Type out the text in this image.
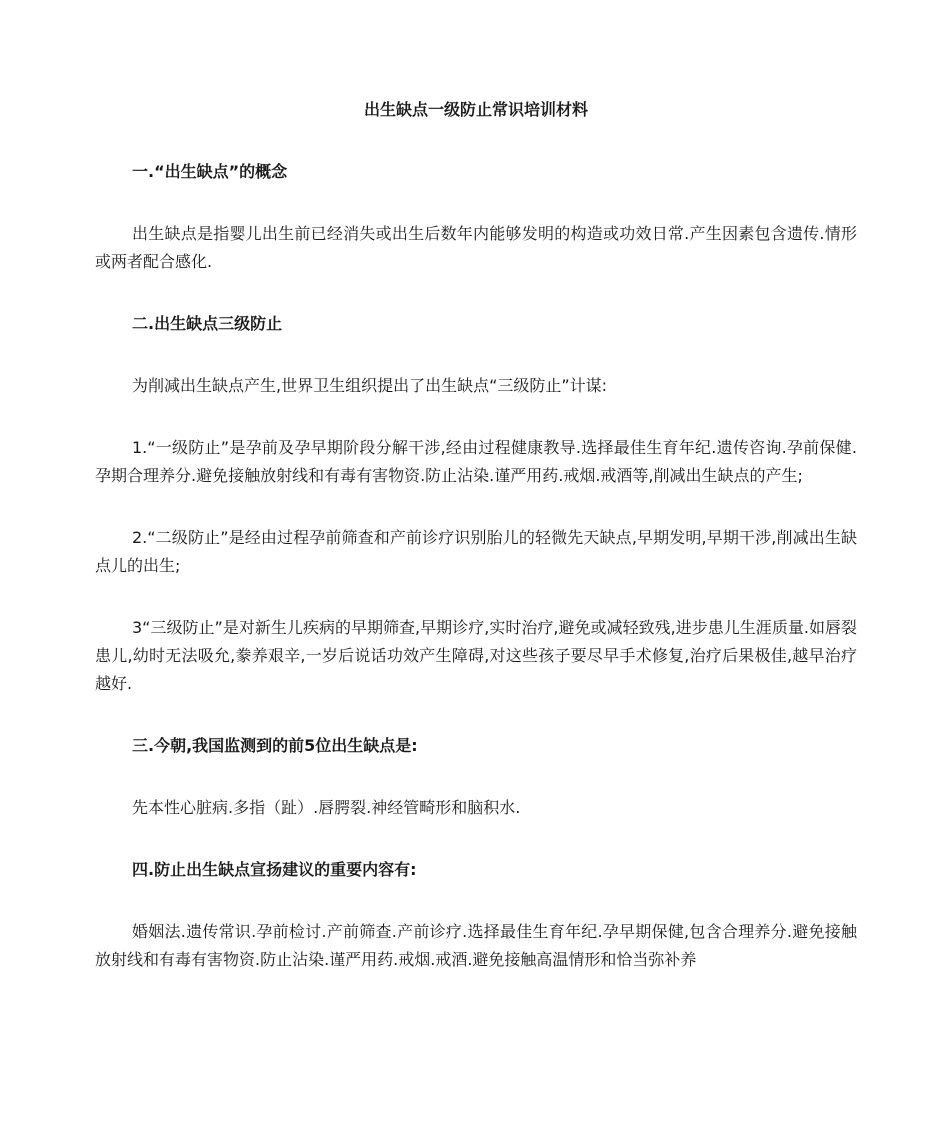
出生缺点一级防止常识培训材料
一.“出生缺点”的概念

出生缺点是指婴儿出生前已经消失或出生后数年内能够发明的构造或功效日常.产生因素包含遗传.情形或两者配合感化.

二.出生缺点三级防止

为削减出生缺点产生,世界卫生组织提出了出生缺点“三级防止”计谋:

1.“一级防止”是孕前及孕早期阶段分解干涉,经由过程健康教导.选择最佳生育年纪.遗传咨询.孕前保健.孕期合理养分.避免接触放射线和有毒有害物资.防止沾染.谨严用药.戒烟.戒酒等,削减出生缺点的产生;

2.“二级防止”是经由过程孕前筛查和产前诊疗识别胎儿的轻微先天缺点,早期发明,早期干涉,削减出生缺点儿的出生;

3“三级防止”是对新生儿疾病的早期筛查,早期诊疗,实时治疗,避免或减轻致残,进步患儿生涯质量.如唇裂患儿,幼时无法吸允,豢养艰辛,一岁后说话功效产生障碍,对这些孩子要尽早手术修复,治疗后果极佳,越早治疗越好.

三.今朝,我国监测到的前5位出生缺点是:

先本性心脏病.多指（趾）.唇腭裂.神经管畸形和脑积水.

四.防止出生缺点宣扬建议的重要内容有:

婚姻法.遗传常识.孕前检讨.产前筛查.产前诊疗.选择最佳生育年纪.孕早期保健,包含合理养分.避免接触放射线和有毒有害物资.防止沾染.谨严用药.戒烟.戒酒.避免接触高温情形和恰当弥补养
